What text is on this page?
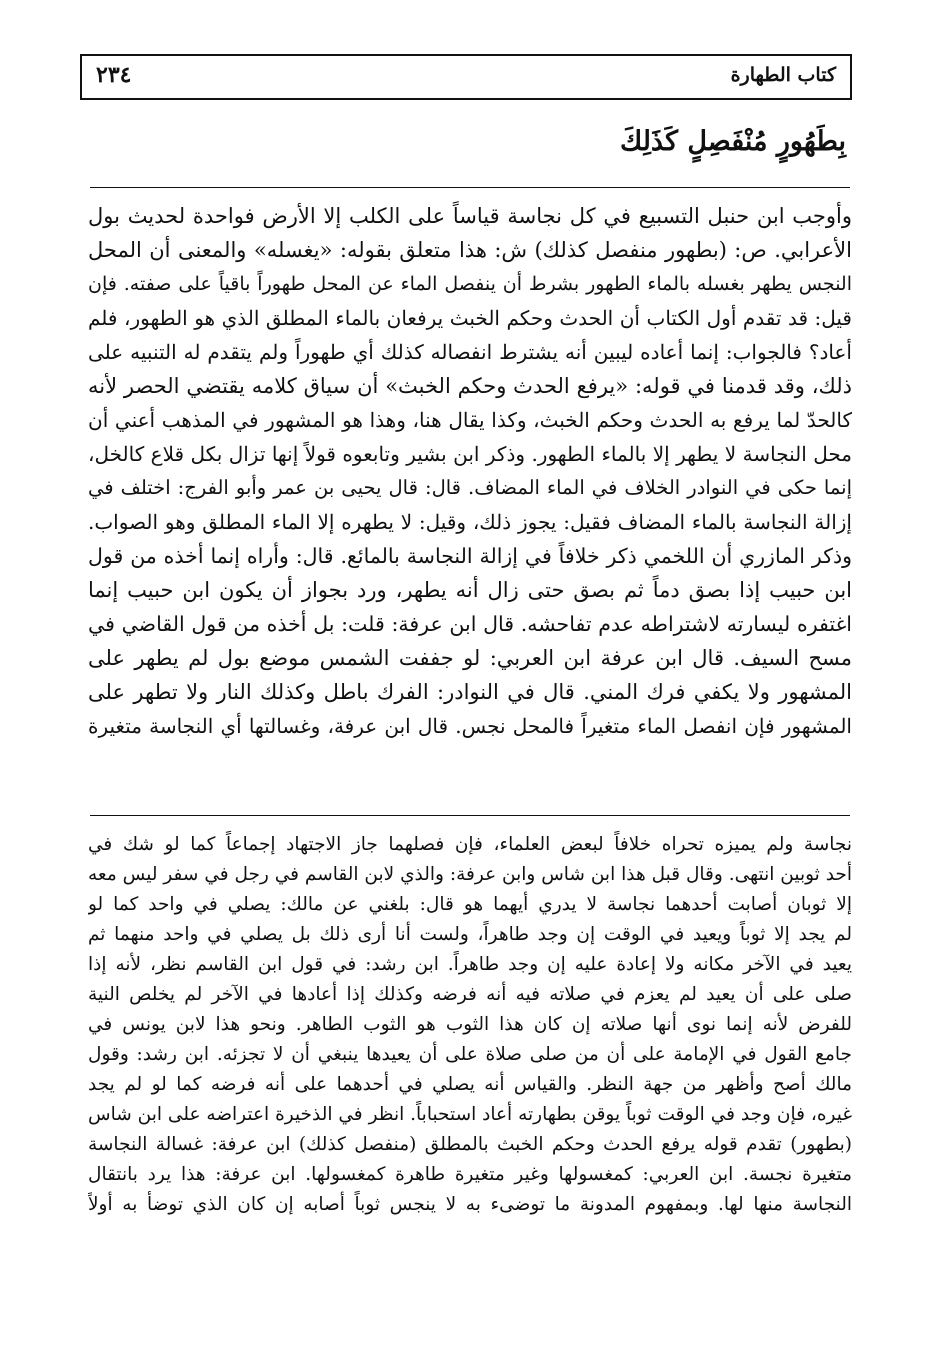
كتاب الطهارة
٢٣٤
بِطَهُورٍ مُنْفَصِلٍ كَذَلِكَ
وأوجب ابن حنبل التسبيع في كل نجاسة قياساً على الكلب إلا الأرض فواحدة لحديث بول
الأعرابي. ص: (بطهور منفصل كذلك) ش: هذا متعلق بقوله: «يغسله» والمعنى أن المحل
النجس يطهر بغسله بالماء الطهور بشرط أن ينفصل الماء عن المحل طهوراً باقياً على صفته. فإن
قيل: قد تقدم أول الكتاب أن الحدث وحكم الخبث يرفعان بالماء المطلق الذي هو الطهور، فلم
أعاد؟ فالجواب: إنما أعاده ليبين أنه يشترط انفصاله كذلك أي طهوراً ولم يتقدم له التنبيه على
ذلك، وقد قدمنا في قوله: «يرفع الحدث وحكم الخبث» أن سياق كلامه يقتضي الحصر لأنه
كالحدّ لما يرفع به الحدث وحكم الخبث، وكذا يقال هنا، وهذا هو المشهور في المذهب أعني أن
محل النجاسة لا يطهر إلا بالماء الطهور. وذكر ابن بشير وتابعوه قولاً إنها تزال بكل قلاع كالخل،
إنما حكى في النوادر الخلاف في الماء المضاف. قال: قال يحيى بن عمر وأبو الفرج: اختلف في
إزالة النجاسة بالماء المضاف فقيل: يجوز ذلك، وقيل: لا يطهره إلا الماء المطلق وهو الصواب.
وذكر المازري أن اللخمي ذكر خلافاً في إزالة النجاسة بالمائع. قال: وأراه إنما أخذه من قول
ابن حبيب إذا بصق دماً ثم بصق حتى زال أنه يطهر، ورد بجواز أن يكون ابن حبيب إنما
اغتفره ليسارته لاشتراطه عدم تفاحشه. قال ابن عرفة: قلت: بل أخذه من قول القاضي في
مسح السيف. قال ابن عرفة ابن العربي: لو جففت الشمس موضع بول لم يطهر على
المشهور ولا يكفي فرك المني. قال في النوادر: الفرك باطل وكذلك النار ولا تطهر على
المشهور فإن انفصل الماء متغيراً فالمحل نجس. قال ابن عرفة، وغسالتها أي النجاسة متغيرة
نجاسة ولم يميزه تحراه خلافاً لبعض العلماء، فإن فصلهما جاز الاجتهاد إجماعاً كما لو شك في
أحد ثوبين انتهى. وقال قبل هذا ابن شاس وابن عرفة: والذي لابن القاسم في رجل في سفر ليس معه
إلا ثوبان أصابت أحدهما نجاسة لا يدري أيهما هو قال: بلغني عن مالك: يصلي في واحد كما لو
لم يجد إلا ثوباً ويعيد في الوقت إن وجد طاهراً، ولست أنا أرى ذلك بل يصلي في واحد منهما ثم
يعيد في الآخر مكانه ولا إعادة عليه إن وجد طاهراً. ابن رشد: في قول ابن القاسم نظر، لأنه إذا
صلى على أن يعيد لم يعزم في صلاته فيه أنه فرضه وكذلك إذا أعادها في الآخر لم يخلص النية
للفرض لأنه إنما نوى أنها صلاته إن كان هذا الثوب هو الثوب الطاهر. ونحو هذا لابن يونس في
جامع القول في الإمامة على أن من صلى صلاة على أن يعيدها ينبغي أن لا تجزئه. ابن رشد: وقول
مالك أصح وأظهر من جهة النظر. والقياس أنه يصلي في أحدهما على أنه فرضه كما لو لم يجد
غيره، فإن وجد في الوقت ثوباً يوقن بطهارته أعاد استحباباً. انظر في الذخيرة اعتراضه على ابن شاس
(بطهور) تقدم قوله يرفع الحدث وحكم الخبث بالمطلق (منفصل كذلك) ابن عرفة: غسالة النجاسة
متغيرة نجسة. ابن العربي: كمغسولها وغير متغيرة طاهرة كمغسولها. ابن عرفة: هذا يرد بانتقال
النجاسة منها لها. وبمفهوم المدونة ما توضىء به لا ينجس ثوباً أصابه إن كان الذي توضأ به أولاً
